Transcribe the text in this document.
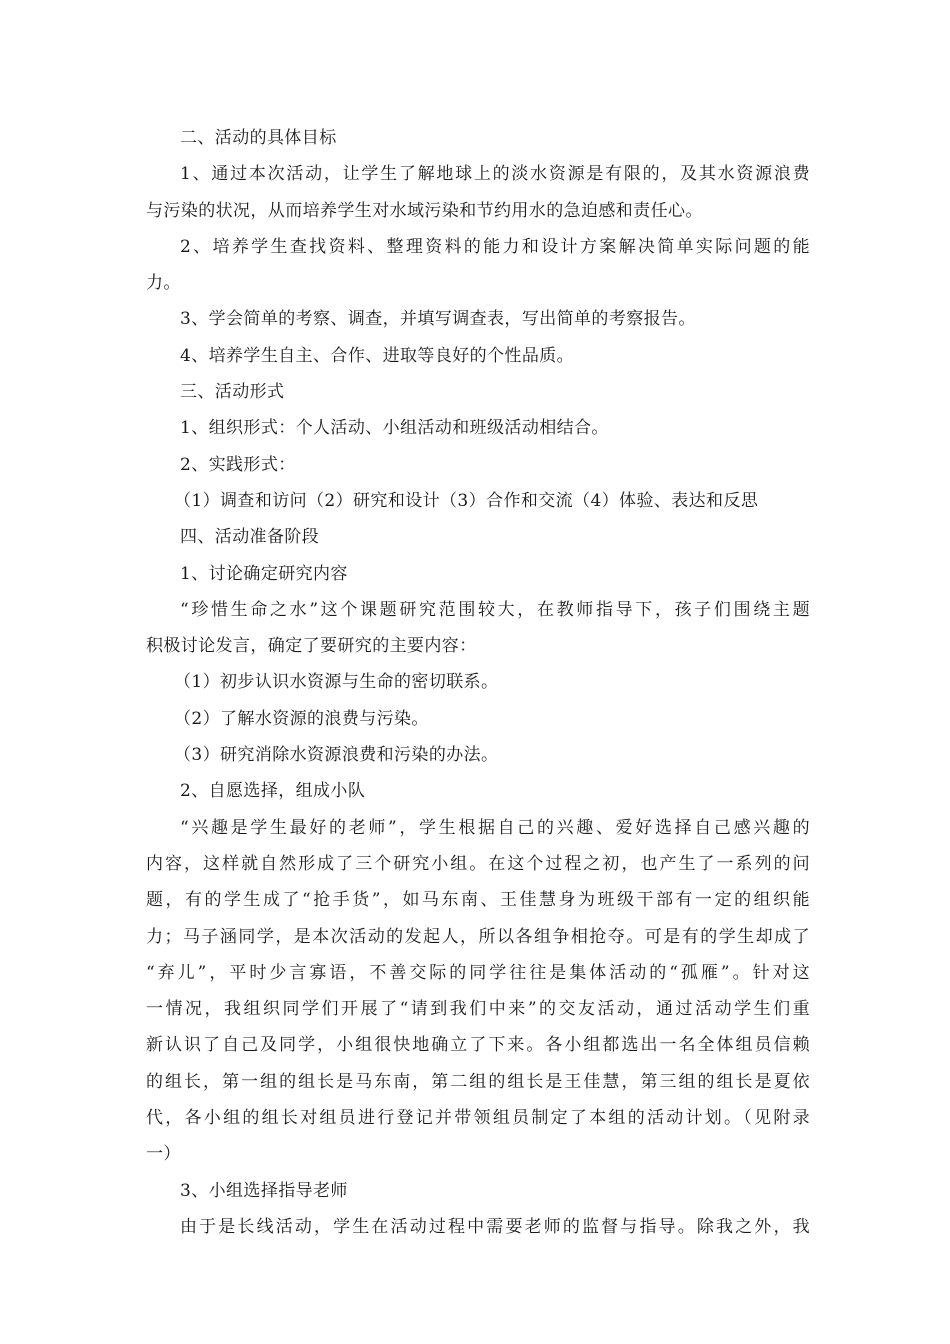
二、活动的具体目标
1、通过本次活动，让学生了解地球上的淡水资源是有限的，及其水资源浪费
与污染的状况，从而培养学生对水域污染和节约用水的急迫感和责任心。
2、培养学生查找资料、整理资料的能力和设计方案解决简单实际问题的能
力。
3、学会简单的考察、调查，并填写调查表，写出简单的考察报告。
4、培养学生自主、合作、进取等良好的个性品质。
三、活动形式
1、组织形式：个人活动、小组活动和班级活动相结合。
2、实践形式：
（1）调查和访问（2）研究和设计（3）合作和交流（4）体验、表达和反思
四、活动准备阶段
1、讨论确定研究内容
“珍惜生命之水”这个课题研究范围较大，在教师指导下，孩子们围绕主题
积极讨论发言，确定了要研究的主要内容：
（1）初步认识水资源与生命的密切联系。
（2）了解水资源的浪费与污染。
（3）研究消除水资源浪费和污染的办法。
2、自愿选择，组成小队
“兴趣是学生最好的老师”，学生根据自己的兴趣、爱好选择自己感兴趣的
内容，这样就自然形成了三个研究小组。在这个过程之初，也产生了一系列的问
题，有的学生成了“抢手货”，如马东南、王佳慧身为班级干部有一定的组织能
力；马子涵同学，是本次活动的发起人，所以各组争相抢夺。可是有的学生却成了
“弃儿”，平时少言寡语，不善交际的同学往往是集体活动的“孤雁”。针对这
一情况，我组织同学们开展了“请到我们中来”的交友活动，通过活动学生们重
新认识了自己及同学，小组很快地确立了下来。各小组都选出一名全体组员信赖
的组长，第一组的组长是马东南，第二组的组长是王佳慧，第三组的组长是夏依
代，各小组的组长对组员进行登记并带领组员制定了本组的活动计划。（见附录
一）
3、小组选择指导老师
由于是长线活动，学生在活动过程中需要老师的监督与指导。除我之外，我
